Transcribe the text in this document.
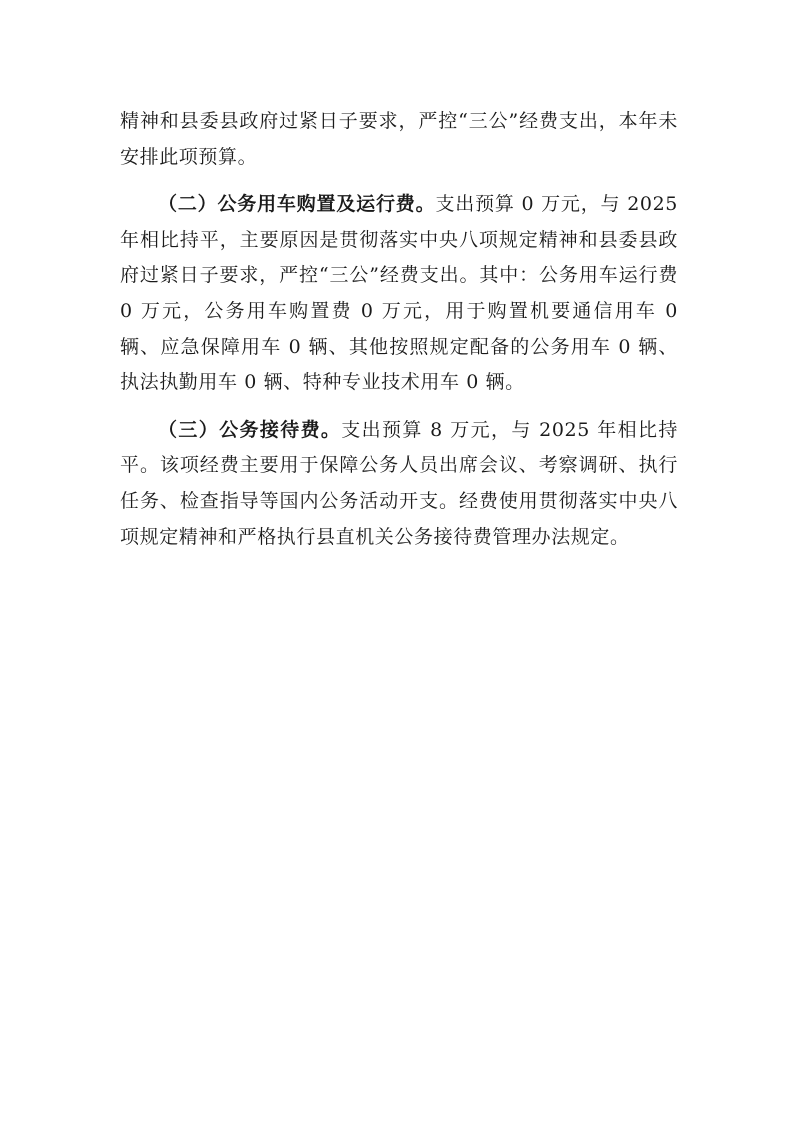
精神和县委县政府过紧日子要求，严控“三公”经费支出，本年未安排此项预算。

（二）公务用车购置及运行费。支出预算 0 万元，与 2025 年相比持平，主要原因是贯彻落实中央八项规定精神和县委县政府过紧日子要求，严控“三公”经费支出。其中：公务用车运行费 0 万元，公务用车购置费 0 万元，用于购置机要通信用车 0 辆、应急保障用车 0 辆、其他按照规定配备的公务用车 0 辆、执法执勤用车 0 辆、特种专业技术用车 0 辆。

（三）公务接待费。支出预算 8 万元，与 2025 年相比持平。该项经费主要用于保障公务人员出席会议、考察调研、执行任务、检查指导等国内公务活动开支。经费使用贯彻落实中央八项规定精神和严格执行县直机关公务接待费管理办法规定。
